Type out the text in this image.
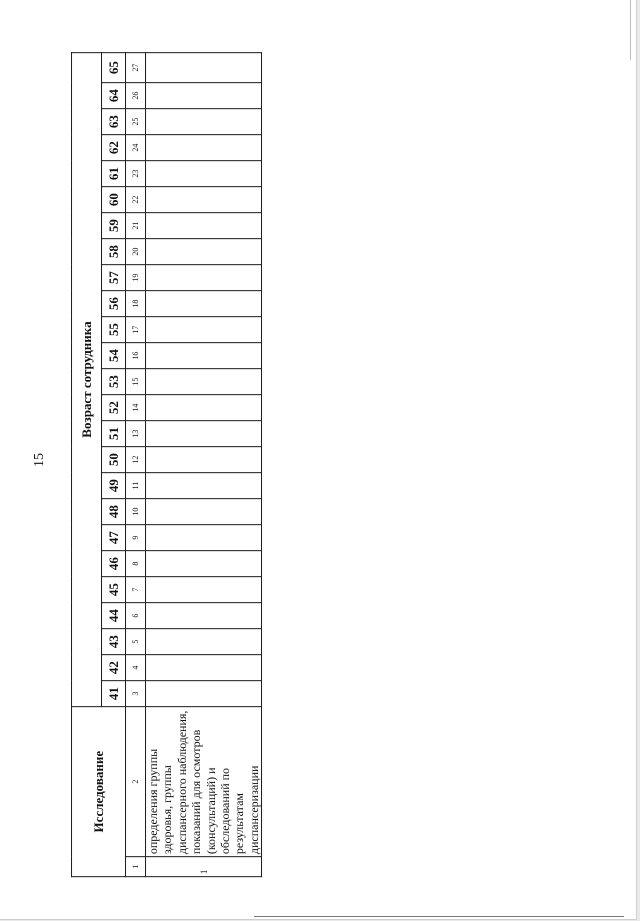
15
Исследование		Возраст сотрудника																								
		41	42	43	44	45	46	47	48	49	50	51	52	53	54	55	56	57	58	59	60	61	62	63	64	65
1	2	3	4	5	6	7	8	9	10	11	12	13	14	15	16	17	18	19	20	21	22	23	24	25	26	27
1	определения группы здоровья, группы диспансерного наблюдения, показаний для осмотров (консультаций) и обследований по результатам диспансеризации																									
